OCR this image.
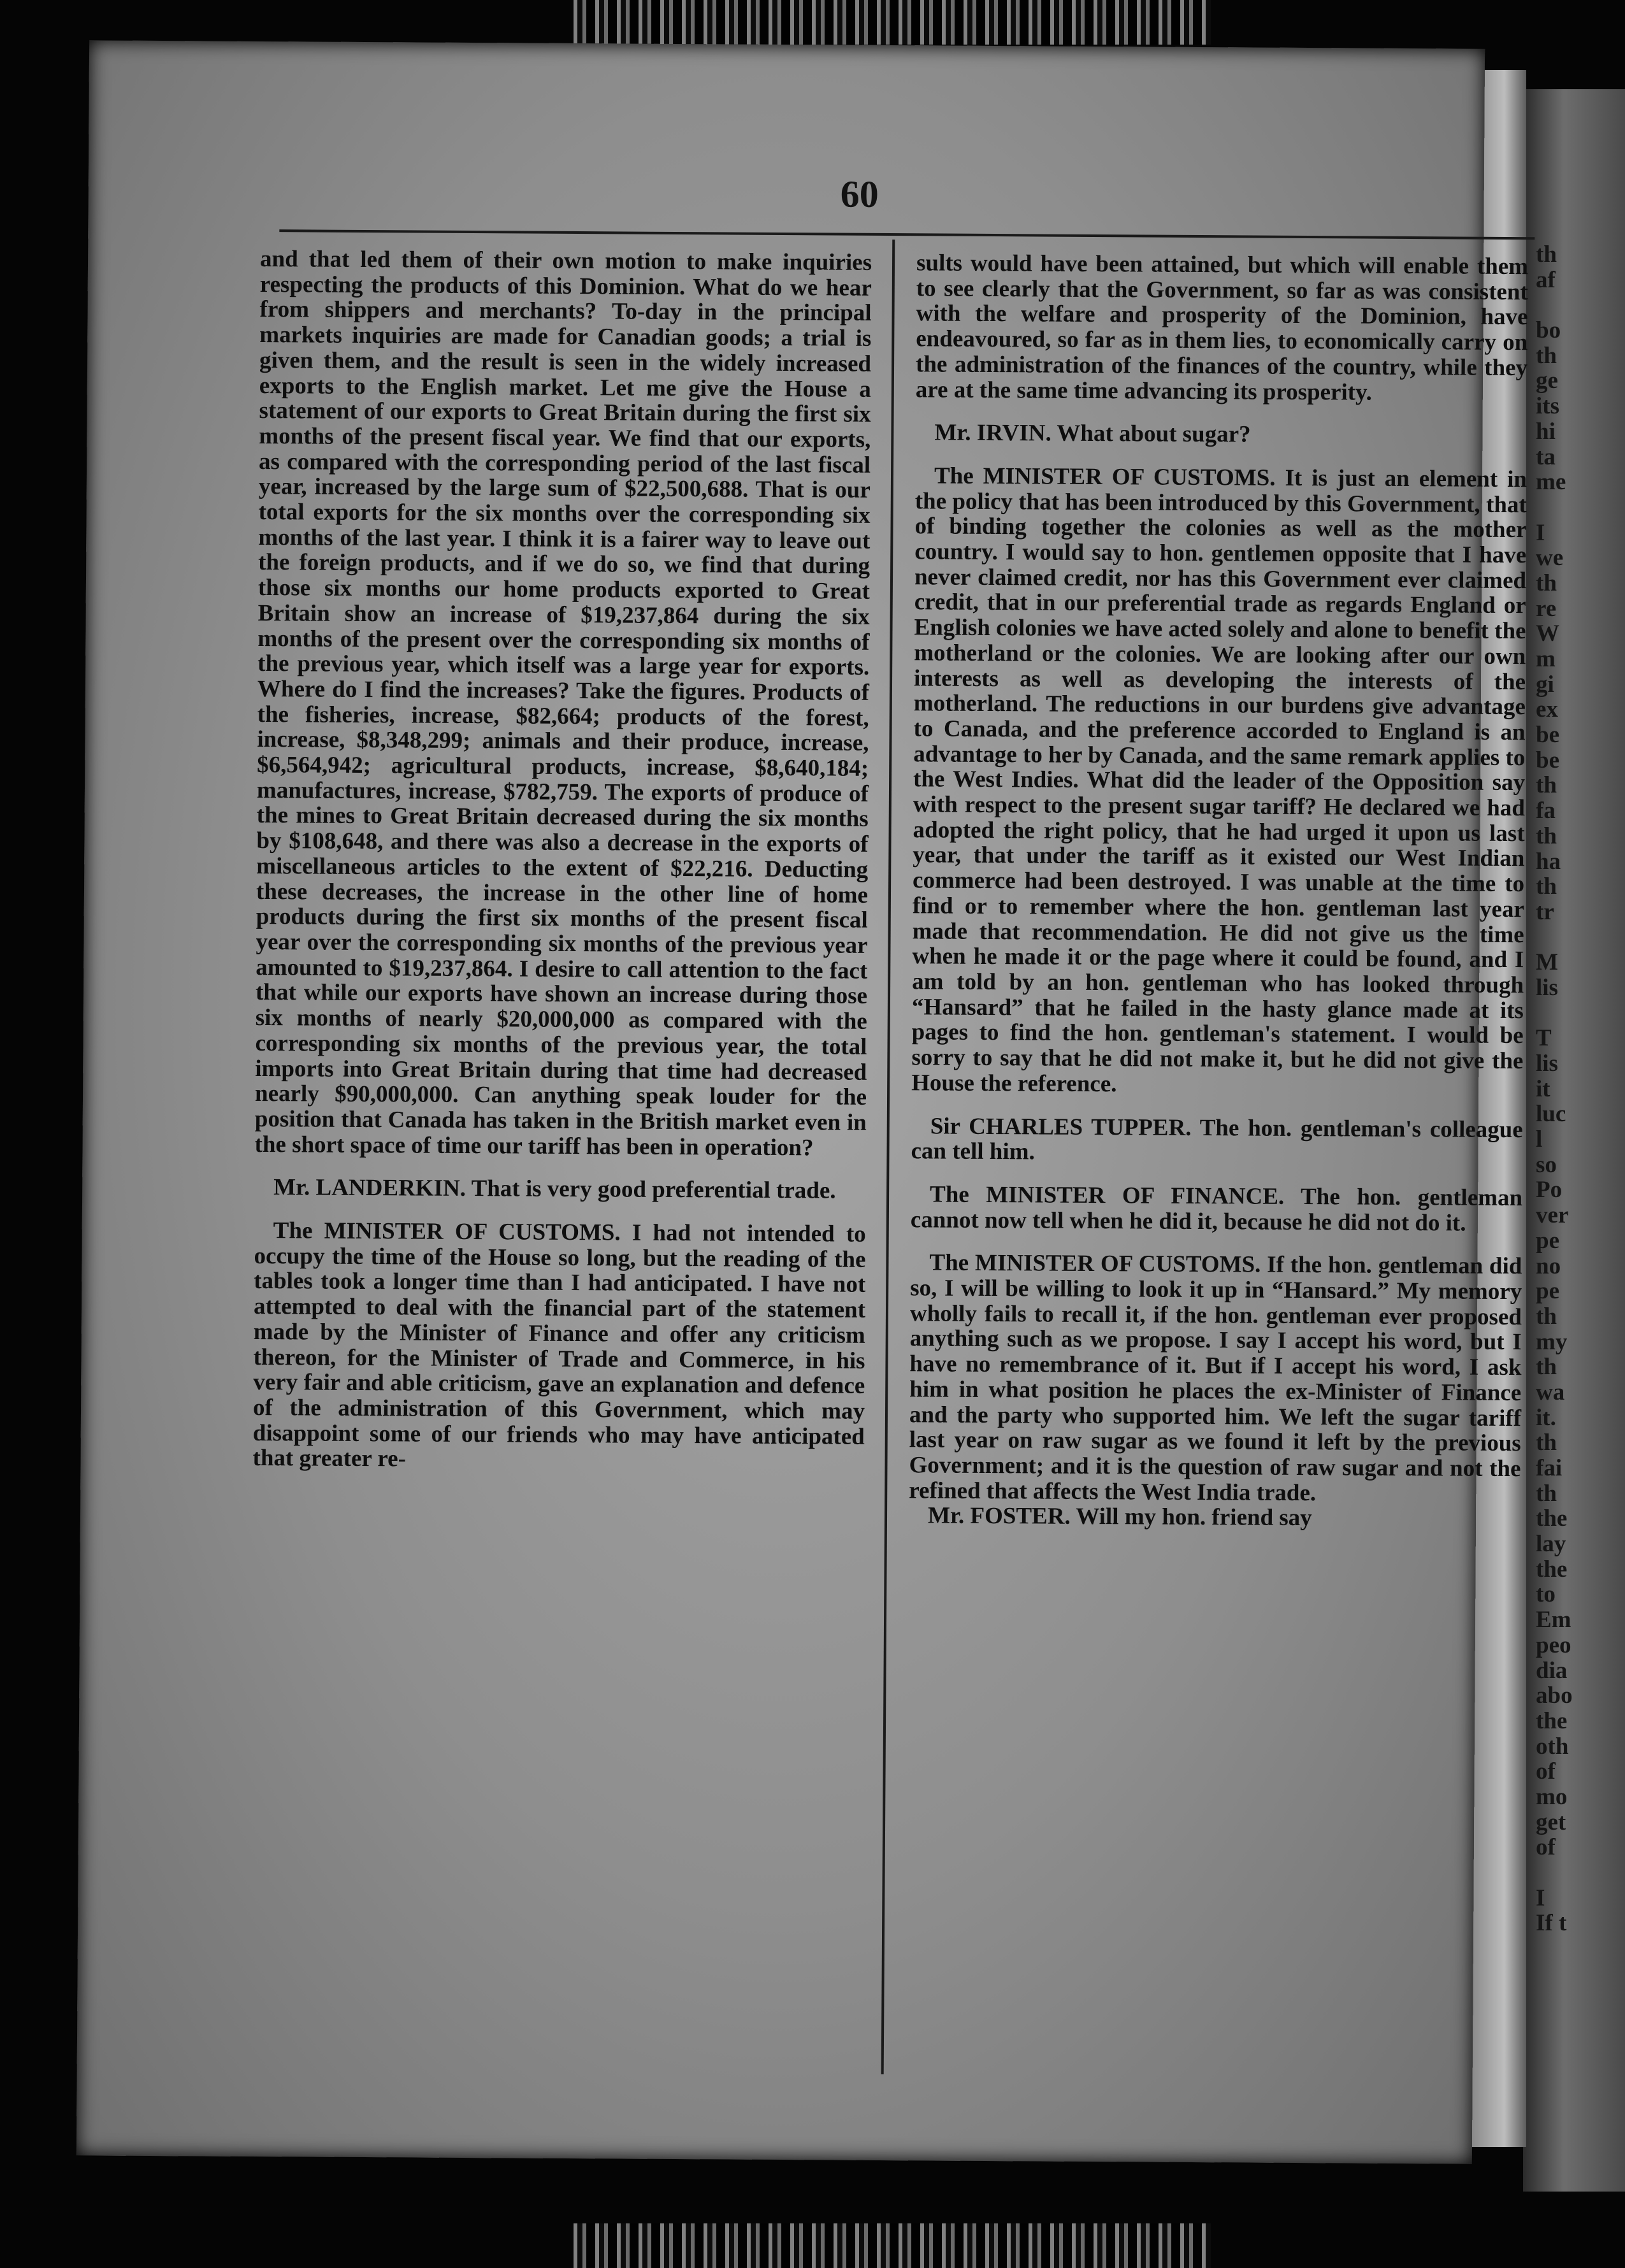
60

and that led them of their own motion to make inquiries respecting the products of this Dominion. What do we hear from shippers and merchants? To-day in the principal markets inquiries are made for Canadian goods; a trial is given them, and the result is seen in the widely increased exports to the English market. Let me give the House a statement of our exports to Great Britain during the first six months of the present fiscal year. We find that our exports, as compared with the corresponding period of the last fiscal year, increased by the large sum of $22,500,688. That is our total exports for the six months over the corresponding six months of the last year. I think it is a fairer way to leave out the foreign products, and if we do so, we find that during those six months our home products exported to Great Britain show an increase of $19,237,864 during the six months of the present over the corresponding six months of the previous year, which itself was a large year for exports. Where do I find the increases? Take the figures. Products of the fisheries, increase, $82,664; products of the forest, increase, $8,348,299; animals and their produce, increase, $6,564,942; agricultural products, increase, $8,640,184; manufactures, increase, $782,759. The exports of produce of the mines to Great Britain decreased during the six months by $108,648, and there was also a decrease in the exports of miscellaneous articles to the extent of $22,216. Deducting these decreases, the increase in the other line of home products during the first six months of the present fiscal year over the corresponding six months of the previous year amounted to $19,237,864. I desire to call attention to the fact that while our exports have shown an increase during those six months of nearly $20,000,000 as compared with the corresponding six months of the previous year, the total imports into Great Britain during that time had decreased nearly $90,000,000. Can anything speak louder for the position that Canada has taken in the British market even in the short space of time our tariff has been in operation?

Mr. LANDERKIN. That is very good preferential trade.

The MINISTER OF CUSTOMS. I had not intended to occupy the time of the House so long, but the reading of the tables took a longer time than I had anticipated. I have not attempted to deal with the financial part of the statement made by the Minister of Finance and offer any criticism thereon, for the Minister of Trade and Commerce, in his very fair and able criticism, gave an explanation and defence of the administration of this Government, which may disappoint some of our friends who may have anticipated that greater re-

sults would have been attained, but which will enable them to see clearly that the Government, so far as was consistent with the welfare and prosperity of the Dominion, have endeavoured, so far as in them lies, to economically carry on the administration of the finances of the country, while they are at the same time advancing its prosperity.

Mr. IRVIN. What about sugar?

The MINISTER OF CUSTOMS. It is just an element in the policy that has been introduced by this Government, that of binding together the colonies as well as the mother country. I would say to hon. gentlemen opposite that I have never claimed credit, nor has this Government ever claimed credit, that in our preferential trade as regards England or English colonies we have acted solely and alone to benefit the motherland or the colonies. We are looking after our own interests as well as developing the interests of the motherland. The reductions in our burdens give advantage to Canada, and the preference accorded to England is an advantage to her by Canada, and the same remark applies to the West Indies. What did the leader of the Opposition say with respect to the present sugar tariff? He declared we had adopted the right policy, that he had urged it upon us last year, that under the tariff as it existed our West Indian commerce had been destroyed. I was unable at the time to find or to remember where the hon. gentleman last year made that recommendation. He did not give us the time when he made it or the page where it could be found, and I am told by an hon. gentleman who has looked through “Hansard” that he failed in the hasty glance made at its pages to find the hon. gentleman's statement. I would be sorry to say that he did not make it, but he did not give the House the reference.

Sir CHARLES TUPPER. The hon. gentleman's colleague can tell him.

The MINISTER OF FINANCE. The hon. gentleman cannot now tell when he did it, because he did not do it.

The MINISTER OF CUSTOMS. If the hon. gentleman did so, I will be willing to look it up in “Hansard.” My memory wholly fails to recall it, if the hon. gentleman ever proposed anything such as we propose. I say I accept his word, but I have no remembrance of it. But if I accept his word, I ask him in what position he places the ex-Minister of Finance and the party who supported him. We left the sugar tariff last year on raw sugar as we found it left by the previous Government; and it is the question of raw sugar and not the refined that affects the West India trade.

Mr. FOSTER. Will my hon. friend say

th
af
bo
th
ge
its
hi
ta
me
I
we
th
re
W
m
gi
ex
be
be
th
fa
th
ha
th
tr
M
lis
T
lis
it
luc
l
so
Po
ver
pe
no
pe
th
my
th
wa
it.
th
fai
th
the
lay
the
to
Em
peo
dia
abo
the
oth
of
mo
get
of
I
If t
